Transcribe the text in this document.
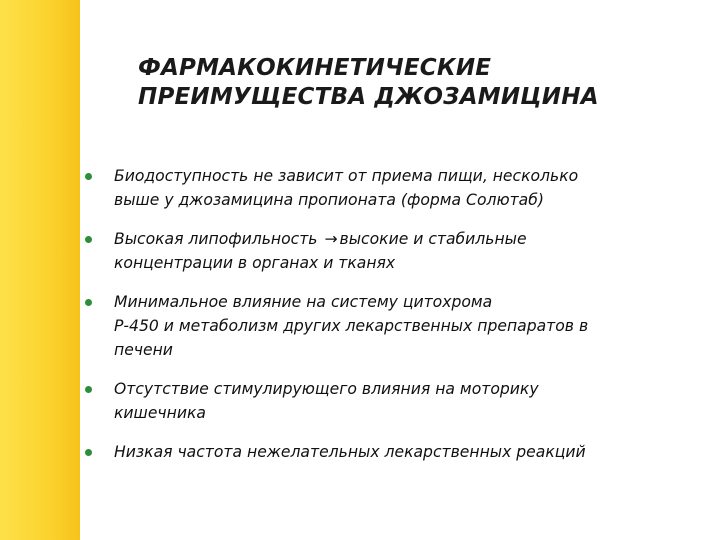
ФАРМАКОКИНЕТИЧЕСКИЕ
ПРЕИМУЩЕСТВА ДЖОЗАМИЦИНА
Биодоступность не зависит от приема пищи, несколько
выше у джозамицина пропионата (форма Солютаб)
Высокая липофильность → высокие и стабильные
концентрации в органах и тканях
Минимальное влияние на систему цитохрома
Р-450 и метаболизм других лекарственных препаратов в
печени
Отсутствие стимулирующего влияния на моторику
кишечника
Низкая частота нежелательных лекарственных реакций
